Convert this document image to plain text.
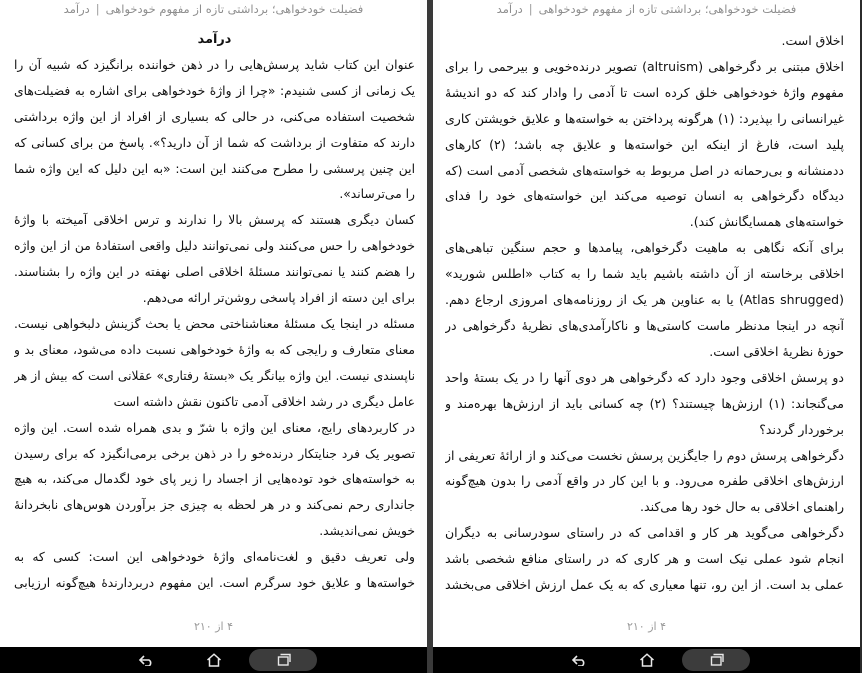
فضیلت خودخواهی؛ برداشتی تازه از مفهوم خودخواهی|درآمد

درآمد

عنوان این کتاب شاید پرسش‌هایی را در ذهن خواننده برانگیزد که شبیه آن را یک زمانی از کسی شنیدم: «چرا از واژهٔ خودخواهی برای اشاره به فضیلت‌های شخصیت استفاده می‌کنی، در حالی که بسیاری از افراد از این واژه برداشتی دارند که متفاوت از برداشت که شما از آن دارید؟». پاسخ من برای کسانی که این چنین پرسشی را مطرح می‌کنند این است: «به این دلیل که این واژه شما را می‌ترساند».

کسان دیگری هستند که پرسش بالا را ندارند و ترس اخلاقی آمیخته با واژهٔ خودخواهی را حس می‌کنند ولی نمی‌توانند دلیل واقعی استفادهٔ من از این واژه را هضم کنند یا نمی‌توانند مسئلهٔ اخلاقی اصلی نهفته در این واژه را بشناسند. برای این دسته از افراد پاسخی روشن‌تر ارائه می‌دهم.

مسئله در اینجا یک مسئلهٔ معناشناختی محض یا بحث گزینش دلبخواهی نیست. معنای متعارف و رایجی که به واژهٔ خودخواهی نسبت داده می‌شود، معنای بد و ناپسندی نیست. این واژه بیانگر یک «بستهٔ رفتاری» عقلانی است که بیش از هر عامل دیگری در رشد اخلاقی آدمی تاکنون نقش داشته است

در کاربردهای رایج، معنای این واژه با شرّ و بدی همراه شده است. این واژه تصویر یک فرد جنایتکار درنده‌خو را در ذهن برخی برمی‌انگیزد که برای رسیدن به خواسته‌های خود توده‌هایی از اجساد را زیر پای خود لگدمال می‌کند، به هیچ جانداری رحم نمی‌کند و در هر لحظه به چیزی جز برآوردن هوس‌های نابخردانهٔ خویش نمی‌اندیشد.

ولی تعریف دقیق و لغت‌نامه‌ای واژهٔ خودخواهی این است: کسی که به خواسته‌ها و علایق خود سرگرم است. این مفهوم دربردارندهٔ هیچ‌گونه ارزیابی

۴ از ۲۱۰
فضیلت خودخواهی؛ برداشتی تازه از مفهوم خودخواهی|درآمد

اخلاق است.

اخلاق مبتنی بر دگرخواهی (altruism) تصویر درنده‌خویی و بیرحمی را برای مفهوم واژهٔ خودخواهی خلق کرده است تا آدمی را وادار کند که دو اندیشهٔ غیرانسانی را بپذیرد: (۱) هرگونه پرداختن به خواسته‌ها و علایق خویشتن کاری پلید است، فارغ از اینکه این خواسته‌ها و علایق چه باشد؛ (۲) کارهای ددمنشانه و بی‌رحمانه در اصل مربوط به خواسته‌های شخصی آدمی است (که دیدگاه دگرخواهی به انسان توصیه می‌کند این خواسته‌های خود را فدای خواسته‌های همسایگانش کند).

برای آنکه نگاهی به ماهیت دگرخواهی، پیامدها و حجم سنگین تباهی‌های اخلاقی برخاسته از آن داشته باشیم باید شما را به کتاب «اطلس شورید» (Atlas shrugged) یا به عناوین هر یک از روزنامه‌های امروزی ارجاع دهم. آنچه در اینجا مدنظر ماست کاستی‌ها و ناکارآمدی‌های نظریهٔ دگرخواهی در حوزهٔ نظریهٔ اخلاقی است.

دو پرسش اخلاقی وجود دارد که دگرخواهی هر دوی آنها را در یک بستهٔ واحد می‌گنجاند: (۱) ارزش‌ها چیستند؟ (۲) چه کسانی باید از ارزش‌ها بهره‌مند و برخوردار گردند؟

دگرخواهی پرسش دوم را جایگزین پرسش نخست می‌کند و از ارائهٔ تعریفی از ارزش‌های اخلاقی طفره می‌رود. و با این کار در واقع آدمی را بدون هیچ‌گونه راهنمای اخلاقی به حال خود رها می‌کند.

دگرخواهی می‌گوید هر کار و اقدامی که در راستای سودرسانی به دیگران انجام شود عملی نیک است و هر کاری که در راستای منافع شخصی باشد عملی بد است. از این رو، تنها معیاری که به یک عمل ارزش اخلاقی می‌بخشد

۴ از ۲۱۰
